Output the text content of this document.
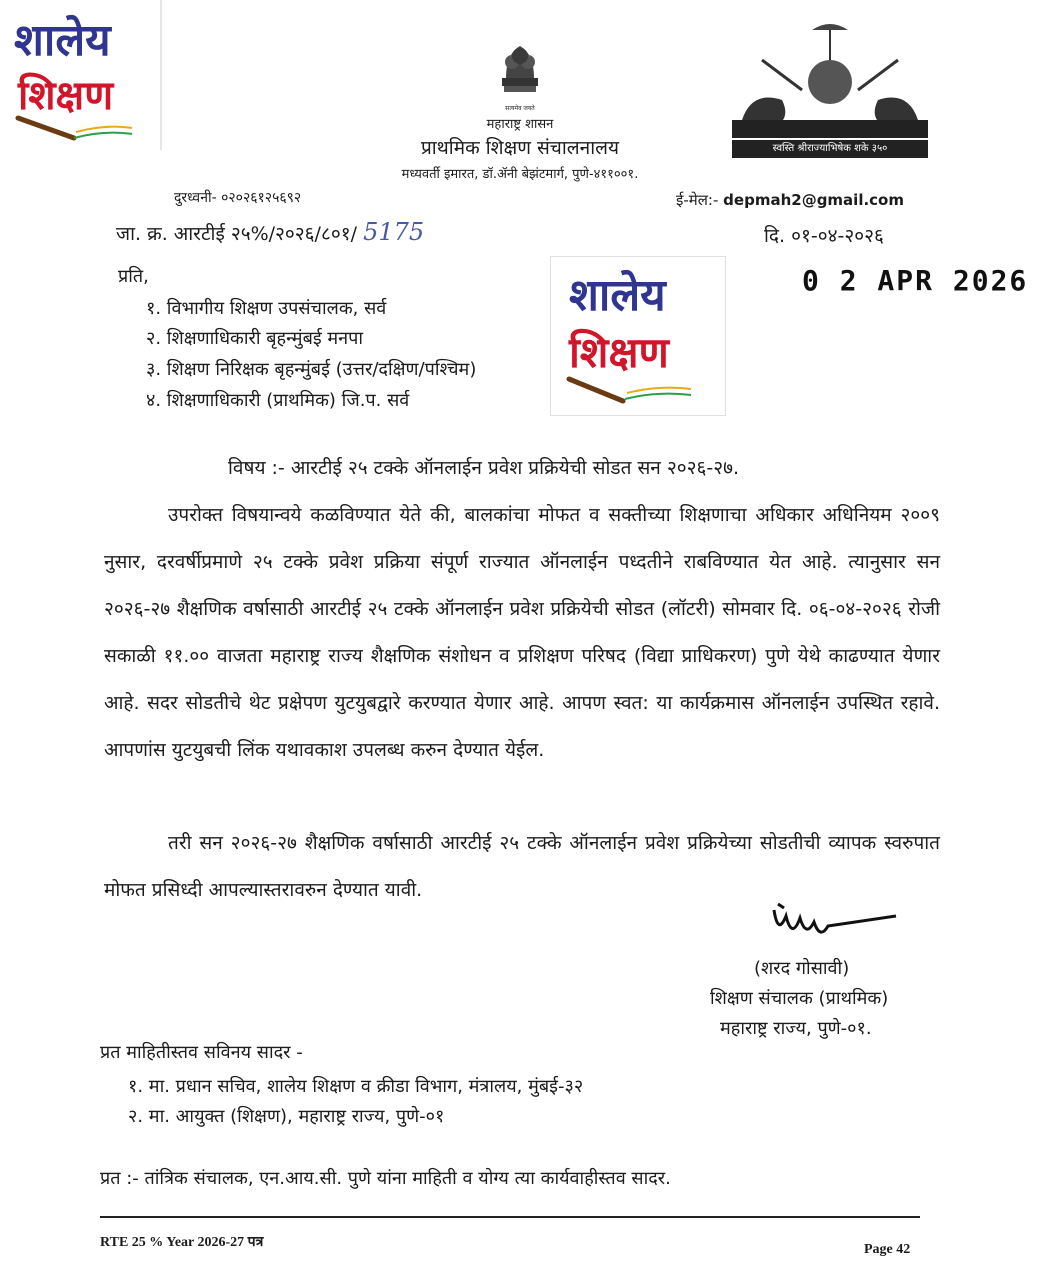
शालेय
शिक्षण	सत्यमेव जयते
स्वस्ति श्रीराज्याभिषेक शके ३५०
महाराष्ट्र शासन
प्राथमिक शिक्षण संचालनालय
मध्यवर्ती इमारत, डॉ.ॲनी बेझंटमार्ग, पुणे-४११००१.
दुरध्वनी- ०२०२६१२५६९२	ई-मेल:- depmah2@gmail.com
जा. क्र. आरटीई २५%/२०२६/८०१/ 5175	दि. ०१-०४-२०२६
0 2 APR 2026
प्रति,
१. विभागीय शिक्षण उपसंचालक, सर्व
२. शिक्षणाधिकारी बृहन्मुंबई मनपा
३. शिक्षण निरिक्षक बृहन्मुंबई (उत्तर/दक्षिण/पश्चिम)
४. शिक्षणाधिकारी (प्राथमिक) जि.प. सर्व
शालेय
शिक्षण
विषय :- आरटीई २५ टक्के ऑनलाईन प्रवेश प्रक्रियेची सोडत सन २०२६-२७.
उपरोक्त विषयान्वये कळविण्यात येते की, बालकांचा मोफत व सक्तीच्या शिक्षणाचा अधिकार अधिनियम २००९ नुसार, दरवर्षीप्रमाणे २५ टक्के प्रवेश प्रक्रिया संपूर्ण राज्यात ऑनलाईन पध्दतीने राबविण्यात येत आहे. त्यानुसार सन २०२६-२७ शैक्षणिक वर्षासाठी आरटीई २५ टक्के ऑनलाईन प्रवेश प्रक्रियेची सोडत (लॉटरी) सोमवार दि. ०६-०४-२०२६ रोजी सकाळी ११.०० वाजता महाराष्ट्र राज्य शैक्षणिक संशोधन व प्रशिक्षण परिषद (विद्या प्राधिकरण) पुणे येथे काढण्यात येणार आहे. सदर सोडतीचे थेट प्रक्षेपण युटयुबद्वारे करण्यात येणार आहे. आपण स्वत: या कार्यक्रमास ऑनलाईन उपस्थित रहावे. आपणांस युटयुबची लिंक यथावकाश उपलब्ध करुन देण्यात येईल.
तरी सन २०२६-२७ शैक्षणिक वर्षासाठी आरटीई २५ टक्के ऑनलाईन प्रवेश प्रक्रियेच्या सोडतीची व्यापक स्वरुपात मोफत प्रसिध्दी आपल्यास्तरावरुन देण्यात यावी.
(शरद गोसावी)
शिक्षण संचालक (प्राथमिक)
महाराष्ट्र राज्य, पुणे-०१.
प्रत माहितीस्तव सविनय सादर -
१. मा. प्रधान सचिव, शालेय शिक्षण व क्रीडा विभाग, मंत्रालय, मुंबई-३२
२. मा. आयुक्त (शिक्षण), महाराष्ट्र राज्य, पुणे-०१
प्रत :- तांत्रिक संचालक, एन.आय.सी. पुणे यांना माहिती व योग्य त्या कार्यवाहीस्तव सादर.
RTE 25 % Year 2026-27 पत्र	Page 42
